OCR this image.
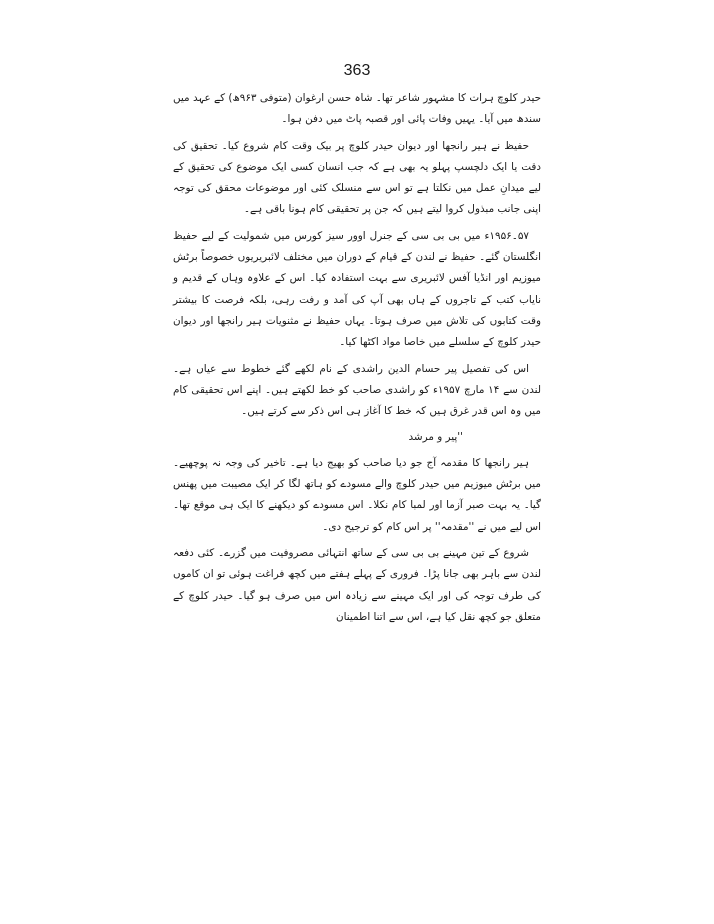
363

حیدر کلوچ ہرات کا مشہور شاعر تھا۔ شاہ حسن ارغوان (متوفی ۹۶۳ھ) کے عہد میں سندھ میں آیا۔ یہیں وفات پائی اور قصبہ پاٹ میں دفن ہوا۔

حفیظ نے ہیر رانجھا اور دیوان حیدر کلوچ پر بیک وقت کام شروع کیا۔ تحقیق کی دقت یا ایک دلچسپ پہلو یہ بھی ہے کہ جب انسان کسی ایک موضوع کی تحقیق کے لیے میدانِ عمل میں نکلتا ہے تو اس سے منسلک کئی اور موضوعات محقق کی توجہ اپنی جانب مبذول کروا لیتے ہیں کہ جن پر تحقیقی کام ہونا باقی ہے۔

۵۷۔۱۹۵۶ء میں بی بی سی کے جنرل اوور سیز کورس میں شمولیت کے لیے حفیظ انگلستان گئے۔ حفیظ نے لندن کے قیام کے دوران میں مختلف لائبریریوں خصوصاً برٹش میوزیم اور انڈیا آفس لائبریری سے بہت استفادہ کیا۔ اس کے علاوہ وہاں کے قدیم و نایاب کتب کے تاجروں کے ہاں بھی آپ کی آمد و رفت رہی، بلکہ فرصت کا بیشتر وقت کتابوں کی تلاش میں صرف ہوتا۔ یہاں حفیظ نے مثنویات ہیر رانجھا اور دیوان حیدر کلوچ کے سلسلے میں خاصا مواد اکٹھا کیا۔

اس کی تفصیل پیر حسام الدین راشدی کے نام لکھے گئے خطوط سے عیاں ہے۔ لندن سے ۱۴ مارچ ۱۹۵۷ء کو راشدی صاحب کو خط لکھتے ہیں۔ اپنے اس تحقیقی کام میں وہ اس قدر غرق ہیں کہ خط کا آغاز ہی اس ذکر سے کرتے ہیں۔

''پیر و مرشد

ہیر رانجھا کا مقدمہ آج جو دیا صاحب کو بھیج دیا ہے۔ تاخیر کی وجہ نہ پوچھیے۔ میں برٹش میوزیم میں حیدر کلوچ والے مسودے کو ہاتھ لگا کر ایک مصیبت میں پھنس گیا۔ یہ بہت صبر آزما اور لمبا کام نکلا۔ اس مسودے کو دیکھنے کا ایک ہی موقع تھا۔ اس لیے میں نے ''مقدمہ'' پر اس کام کو ترجیح دی۔

شروع کے تین مہینے بی بی سی کے ساتھ انتہائی مصروفیت میں گزرے۔ کئی دفعہ لندن سے باہر بھی جانا پڑا۔ فروری کے پہلے ہفتے میں کچھ فراغت ہوئی تو ان کاموں کی طرف توجہ کی اور ایک مہینے سے زیادہ اس میں صرف ہو گیا۔ حیدر کلوچ کے متعلق جو کچھ نقل کیا ہے، اس سے اتنا اطمینان
